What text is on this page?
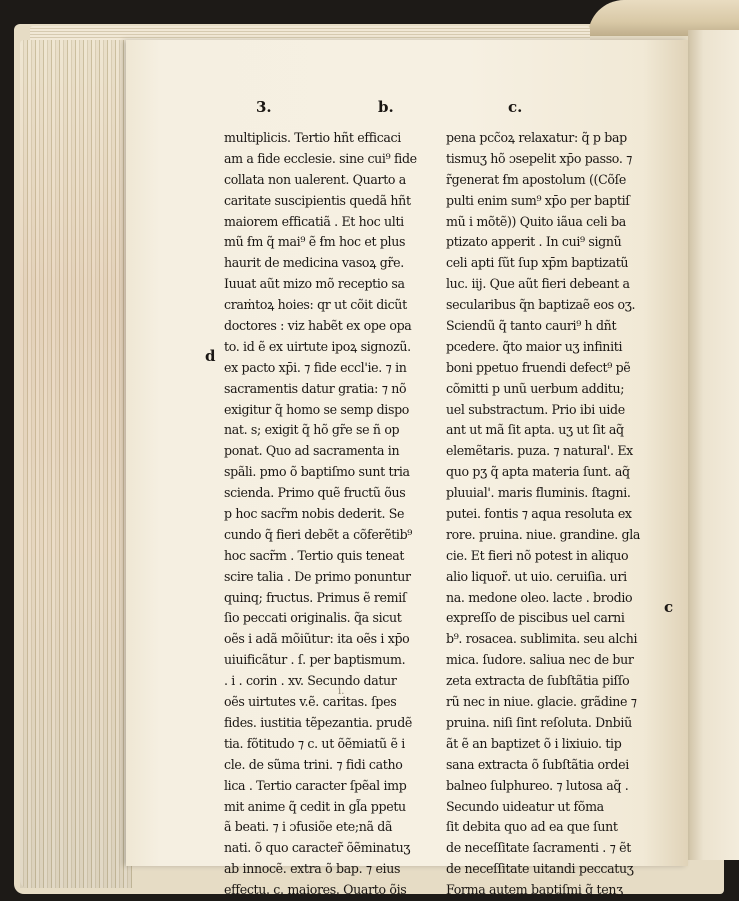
3.	b.	c.
multiplicis. Tertio hñt efficaci
am a fide ecclesie. sine cui⁹ fide
collata non ualerent. Quarto a
caritate suscipientis quedã hñt
maiorem efficatiã . Et hoc ulti
mũ ẜm q̃ mai⁹ ẽ ẜm hoc et plus
haurit de medicina vasoꝝ gr̃e.
Iuuat aũt mizo mõ receptio sa
craṁtoꝝ hoies: qr ut cõit dicũt
doctores : viz habẽt ex ope opa
to. id ẽ ex uirtute ipoꝝ signozũ.
ex pacto xp̄i. ⁊ fide eccl'ie. ⁊ in
sacramentis datur gratia: ⁊ nõ
exigitur q̃ homo se semp dispo
nat. s; exigit q̃ hõ gr̃e se ñ op
ponat. Quo ad sacramenta in
spãli. pmo õ baptiſmo sunt tria
scienda. Primo quẽ fructũ õus
p hoc sacr̃m nobis dederit. Se
cundo q̃ fieri debẽt a cõferẽtib⁹
hoc sacr̃m . Tertio quis teneat
scire talia . De primo ponuntur
quinq; fructus. Primus ẽ remiſ
ſio peccati originalis. q̃a sicut
oẽs i adã mõiũtur: ita oẽs i xp̄o
uiuificãtur . ſ. per baptismum.
. i . corin . xv. Secundo datur
oẽs uirtutes v.ẽ. caritas. ſpes
fides. iustitia tẽpezantia. prudẽ
tia. fõtitudo ⁊ c. ut õẽmiatũ ẽ i
cle. de sũma trini. ⁊ fidi catho
lica . Tertio caracter ſpẽal imp
mit anime q̃ cedit in gl̃a ppetu
ã beati. ⁊ i ɔfusiõe ete;nã dã
nati. õ quo caracter̃ õẽminatuʒ
ab innocẽ. extra õ bap. ⁊ eius
effectu. c. maiores. Quarto õis
pena pcc̃oꝝ relaxatur: q̃ p bap
tismuʒ hõ ɔsepelit xp̄o passo. ⁊
r̃generat ẜm apostolum ((Cõſe
pulti enim sum⁹ xp̄o per baptiſ
mũ i mõtẽ)) Quito iãua celi ba
ptizato apperit . In cui⁹ signũ
celi apti ſũt ſup xp̄m baptizatũ
luc. iij. Que aũt fieri debeant a
secularibus q̃n baptizaẽ eos oʒ.
Sciendũ q̃ tanto cauri⁹ h dñt
pcedere. q̃to maior uʒ infiniti
boni ppetuo fruendi defect⁹ pẽ
cõmitti p unũ uerbum additu;
uel substractum. Prio ibi uide
ant ut mã ſit apta. uʒ ut ſit aq̃
elemẽtaris. puza. ⁊ natural'. Ex
quo pʒ q̃ apta materia ſunt. aq̃
pluuial'. maris fluminis. ſtagni.
putei. fontis ⁊ aqua resoluta ex
rore. pruina. niue. grandine. gla
cie. Et fieri nõ potest in aliquo
alio liquor̃. ut uio. ceruiſia. uri
na. medone oleo. lacte . brodio
expreſſo de piscibus uel carni
b⁹. rosacea. sublimita. seu alchi
mica. ſudore. saliua nec de bur
zeta extracta de ſubſtãtia piſſo
rũ nec in niue. glacie. grãdine ⁊
pruina. niſi ſint reſoluta. Dnbiũ
ãt ẽ an baptizet õ i lixiuio. tip
sana extracta õ ſubſtãtia ordei
balneo ſulphureo. ⁊ lutosa aq̃ .
Secundo uideatur ut fõma
ſit debita quo ad ea que ſunt
de neceſſitate ſacramenti . ⁊ ẽt
de neceſſitate uitandi peccatuʒ
Forma autem baptiſmi q̃ tenʒ
d
c
i.
